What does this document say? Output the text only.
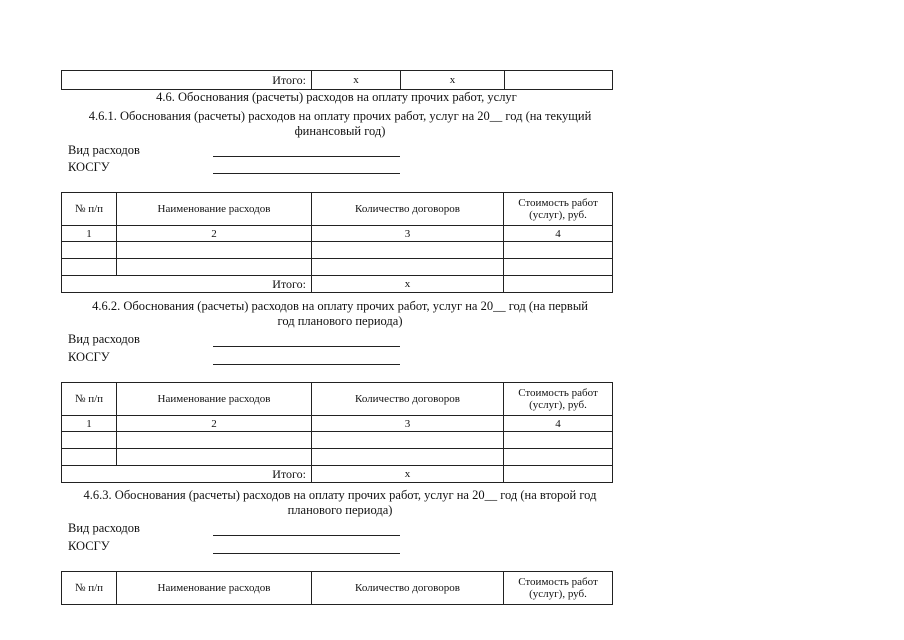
Итого:	х	х	
4.6. Обоснования (расчеты) расходов на оплату прочих работ, услуг
4.6.1. Обоснования (расчеты) расходов на оплату прочих работ, услуг на 20__ год (на текущий
финансовый год)
Вид расходов
КОСГУ
№ п/п	Наименование расходов	Количество договоров	Стоимость работ (услуг), руб.
1	2	3	4

Итого:		х	
4.6.2. Обоснования (расчеты) расходов на оплату прочих работ, услуг на 20__ год (на первый
год планового периода)
Вид расходов
КОСГУ
№ п/п	Наименование расходов	Количество договоров	Стоимость работ (услуг), руб.
1	2	3	4

Итого:		х	
4.6.3. Обоснования (расчеты) расходов на оплату прочих работ, услуг на 20__ год (на второй год
планового периода)
Вид расходов
КОСГУ
№ п/п	Наименование расходов	Количество договоров	Стоимость работ (услуг), руб.
